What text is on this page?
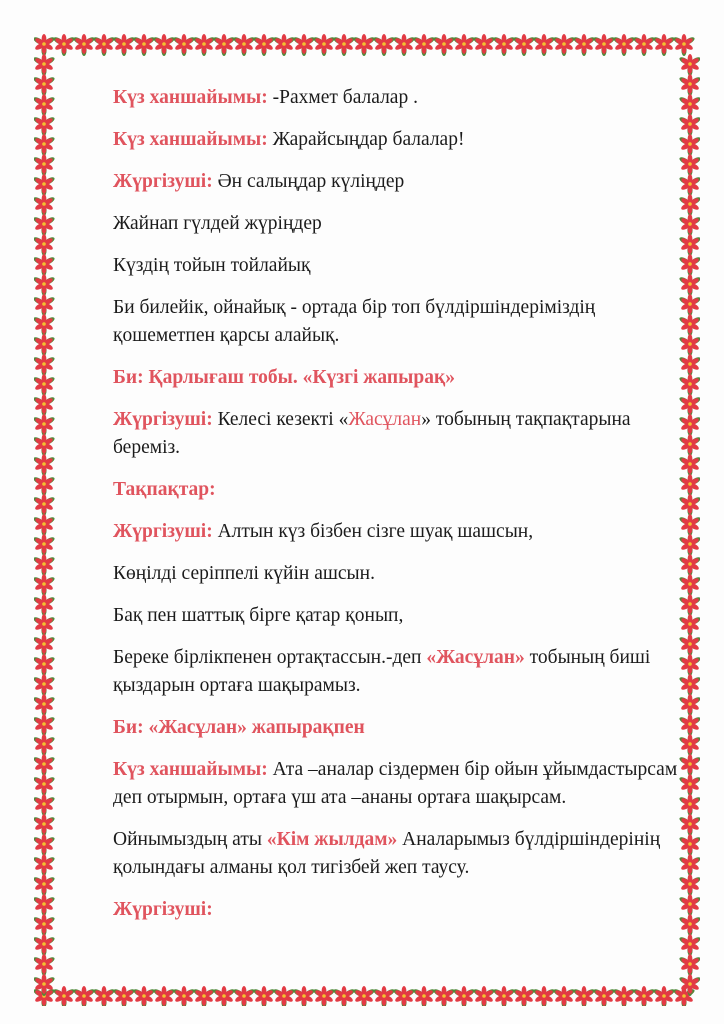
Күз ханшайымы: -Рахмет балалар .

Күз ханшайымы: Жарайсыңдар балалар!

Жүргізуші: Ән салыңдар күліңдер

Жайнап гүлдей жүріңдер

Күздің тойын тойлайық

Би билейік, ойнайық - ортада бір топ бүлдіршіндеріміздің қошеметпен қарсы алайық.

Би: Қарлығаш тобы. «Күзгі жапырақ»

Жүргізуші: Келесі кезекті «Жасұлан» тобының тақпақтарына береміз.

Тақпақтар:

Жүргізуші: Алтын күз бізбен сізге шуақ шашсын,

Көңілді серіппелі күйін ашсын.

Бақ пен шаттық бірге қатар қонып,

Береке бірлікпенен ортақтассын.-деп «Жасұлан» тобының биші қыздарын ортаға шақырамыз.

Би: «Жасұлан» жапырақпен

Күз ханшайымы: Ата –аналар сіздермен бір ойын ұйымдастырсам деп отырмын, ортаға үш ата –ананы ортаға шақырсам.

Ойнымыздың аты «Кім жылдам» Аналарымыз бүлдіршіндерінің қолындағы алманы қол тигізбей жеп таусу.

Жүргізуші:
